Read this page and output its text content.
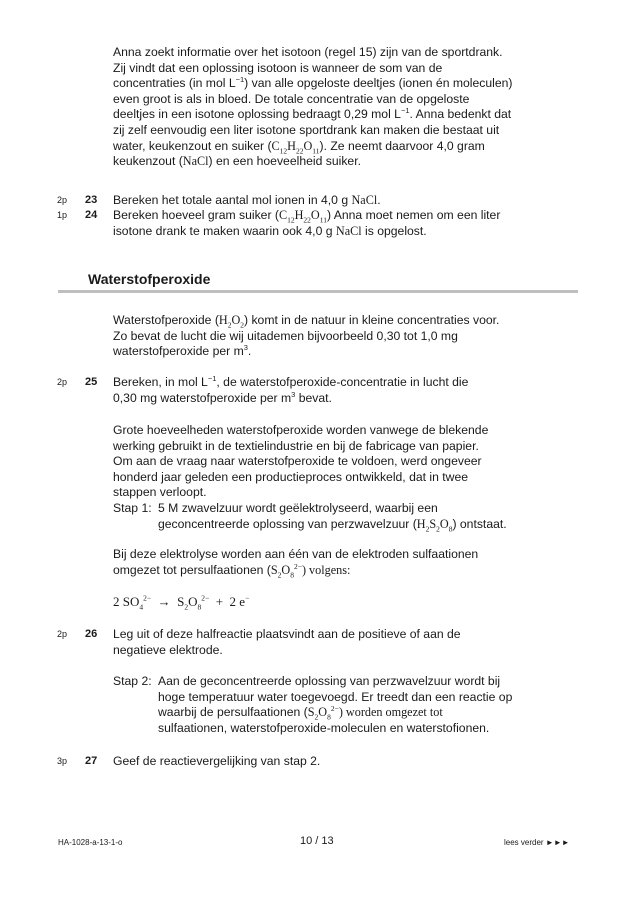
Anna zoekt informatie over het isotoon (regel 15) zijn van de sportdrank.
Zij vindt dat een oplossing isotoon is wanneer de som van de
concentraties (in mol $L^{-1}$) van alle opgeloste deeltjes (ionen én moleculen)
even groot is als in bloed. De totale concentratie van de opgeloste
deeltjes in een isotone oplossing bedraagt 0,29 mol $L^{-1}$. Anna bedenkt dat
zij zelf eenvoudig een liter isotone sportdrank kan maken die bestaat uit
water, keukenzout en suiker $(C_{12}H_{22}O_{11})$. Ze neemt daarvoor 4,0 gram
keukenzout (NaCl) en een hoeveelheid suiker.
2p	23 Bereken het totale aantal mol ionen in 4,0 g NaCl.
1p	24 Bereken hoeveel gram suiker $(C_{12}H_{22}O_{11})$ Anna moet nemen om een liter
isotone drank te maken waarin ook 4,0 g NaCl is opgelost.
Waterstofperoxide
Waterstofperoxide $(H_2O_2)$ komt in de natuur in kleine concentraties voor.
Zo bevat de lucht die wij uitademen bijvoorbeeld 0,30 tot 1,0 mg
waterstofperoxide per $m^3$.
2p	25 Bereken, in mol $L^{-1}$, de waterstofperoxide-concentratie in lucht die
0,30 mg waterstofperoxide per $m^3$ bevat.
Grote hoeveelheden waterstofperoxide worden vanwege de blekende
werking gebruikt in de textielindustrie en bij de fabricage van papier.
Om aan de vraag naar waterstofperoxide te voldoen, werd ongeveer
honderd jaar geleden een productieproces ontwikkeld, dat in twee
stappen verloopt.
Stap 1: 5 M zwavelzuur wordt geëlektrolyseerd, waarbij een
geconcentreerde oplossing van perzwavelzuur $(H_2S_2O_8)$ ontstaat.
Bij deze elektrolyse worden aan één van de elektroden sulfaationen
omgezet tot persulfaationen $(S_2O_8^{2-})$ volgens:
2 $SO_4^{2-} \to S_2O_8^{2-} + 2$ e−
2p	26 Leg uit of deze halfreactie plaatsvindt aan de positieve of aan de
negatieve elektrode.
Stap 2: Aan de geconcentreerde oplossing van perzwavelzuur wordt bij
hoge temperatuur water toegevoegd. Er treedt dan een reactie op
waarbij de persulfaationen $(S_2O_8^{2-})$ worden omgezet tot
sulfaationen, waterstofperoxide-moleculen en waterstofionen.
3p	27 Geef de reactievergelijking van stap 2.
HA-1028-a-13-1-o	10 / 13	lees verder ►►►
